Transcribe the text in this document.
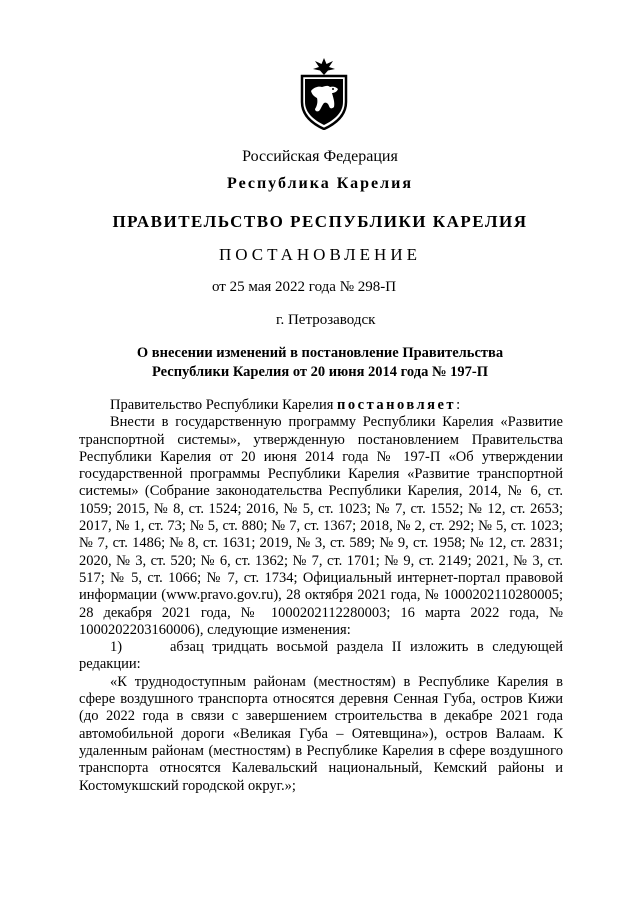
Российская Федерация
Республика Карелия
ПРАВИТЕЛЬСТВО РЕСПУБЛИКИ КАРЕЛИЯ
ПОСТАНОВЛЕНИЕ
от 25 мая 2022 года № 298-П
г. Петрозаводск
О внесении изменений в постановление Правительства
Республики Карелия от 20 июня 2014 года № 197-П

Правительство Республики Карелия постановляет:

Внести в государственную программу Республики Карелия «Развитие транспортной системы», утвержденную постановлением Правительства Республики Карелия от 20 июня 2014 года № 197-П «Об утверждении государственной программы Республики Карелия «Развитие транспортной системы» (Собрание законодательства Республики Карелия, 2014, № 6, ст. 1059; 2015, № 8, ст. 1524; 2016, № 5, ст. 1023; № 7, ст. 1552; № 12, ст. 2653; 2017, № 1, ст. 73; № 5, ст. 880; № 7, ст. 1367; 2018, № 2, ст. 292; № 5, ст. 1023; № 7, ст. 1486; № 8, ст. 1631; 2019, № 3, ст. 589; № 9, ст. 1958; № 12, ст. 2831; 2020, № 3, ст. 520; № 6, ст. 1362; № 7, ст. 1701; № 9, ст. 2149; 2021, № 3, ст. 517; № 5, ст. 1066; № 7, ст. 1734; Официальный интернет-портал правовой информации (www.pravo.gov.ru), 28 октября 2021 года, № 1000202110280005; 28 декабря 2021 года, № 1000202112280003; 16 марта 2022 года, № 1000202203160006), следующие изменения:

1)	абзац тридцать восьмой раздела II изложить в следующей редакции:

«К труднодоступным районам (местностям) в Республике Карелия в сфере воздушного транспорта относятся деревня Сенная Губа, остров Кижи (до 2022 года в связи с завершением строительства в декабре 2021 года автомобильной дороги «Великая Губа – Оятевщина»), остров Валаам. К удаленным районам (местностям) в Республике Карелия в сфере воздушного транспорта относятся Калевальский национальный, Кемский районы и Костомукшский городской округ.»;
